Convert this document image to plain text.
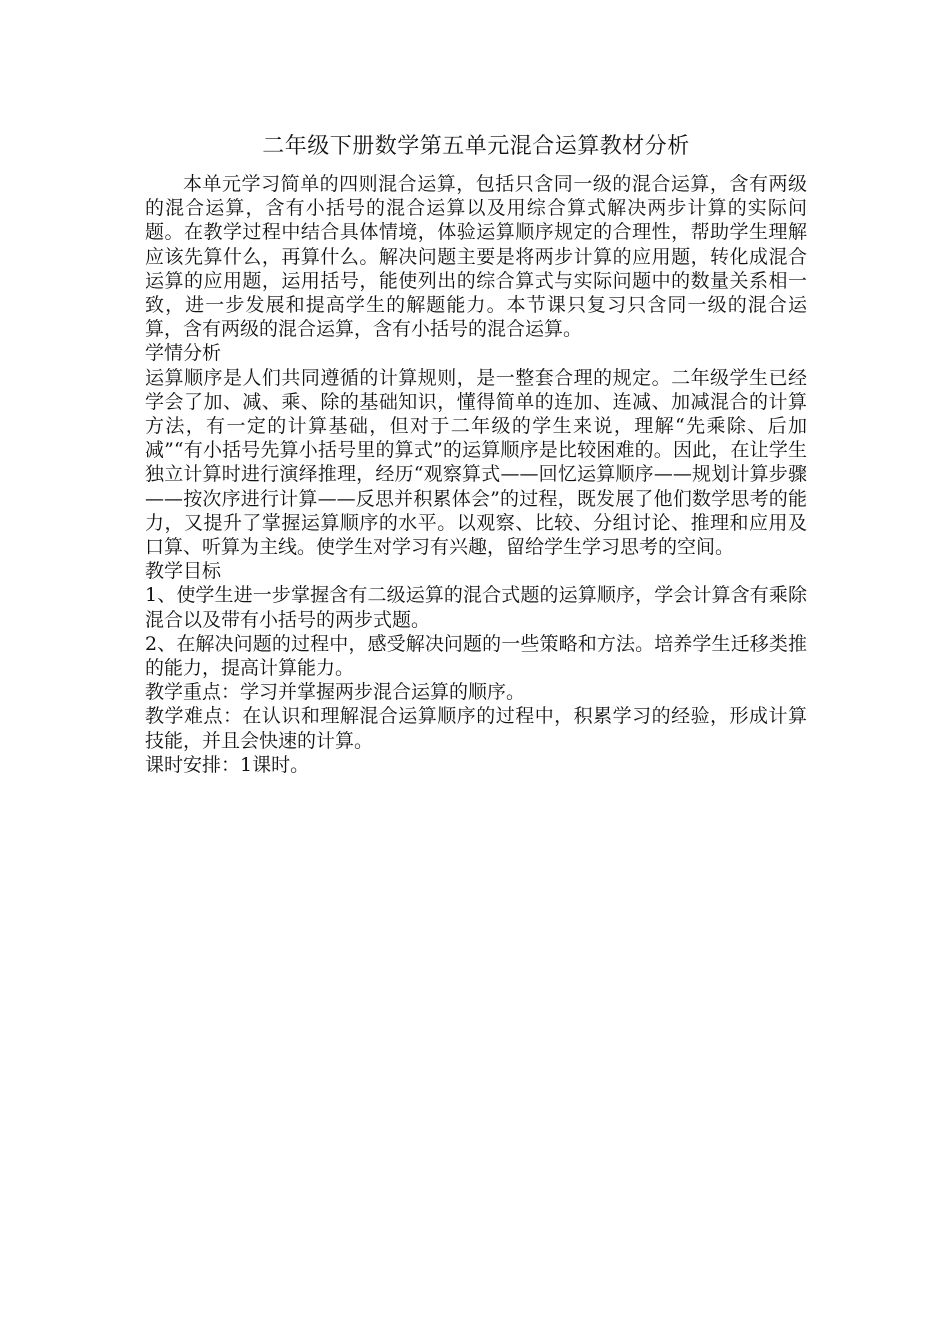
二年级下册数学第五单元混合运算教材分析

本单元学习简单的四则混合运算，包括只含同一级的混合运算，含有两级的混合运算，含有小括号的混合运算以及用综合算式解决两步计算的实际问题。在教学过程中结合具体情境，体验运算顺序规定的合理性，帮助学生理解应该先算什么，再算什么。解决问题主要是将两步计算的应用题，转化成混合运算的应用题，运用括号，能使列出的综合算式与实际问题中的数量关系相一致，进一步发展和提高学生的解题能力。本节课只复习只含同一级的混合运算，含有两级的混合运算，含有小括号的混合运算。

学情分析

运算顺序是人们共同遵循的计算规则，是一整套合理的规定。二年级学生已经学会了加、减、乘、除的基础知识，懂得简单的连加、连减、加减混合的计算方法，有一定的计算基础，但对于二年级的学生来说，理解“先乘除、后加减”“有小括号先算小括号里的算式”的运算顺序是比较困难的。因此，在让学生独立计算时进行演绎推理，经历“观察算式——回忆运算顺序——规划计算步骤——按次序进行计算——反思并积累体会”的过程，既发展了他们数学思考的能力，又提升了掌握运算顺序的水平。以观察、比较、分组讨论、推理和应用及口算、听算为主线。使学生对学习有兴趣，留给学生学习思考的空间。

教学目标

1、使学生进一步掌握含有二级运算的混合式题的运算顺序，学会计算含有乘除混合以及带有小括号的两步式题。

2、在解决问题的过程中，感受解决问题的一些策略和方法。培养学生迁移类推的能力，提高计算能力。

教学重点：学习并掌握两步混合运算的顺序。

教学难点：在认识和理解混合运算顺序的过程中，积累学习的经验，形成计算技能，并且会快速的计算。

课时安排：1课时。
